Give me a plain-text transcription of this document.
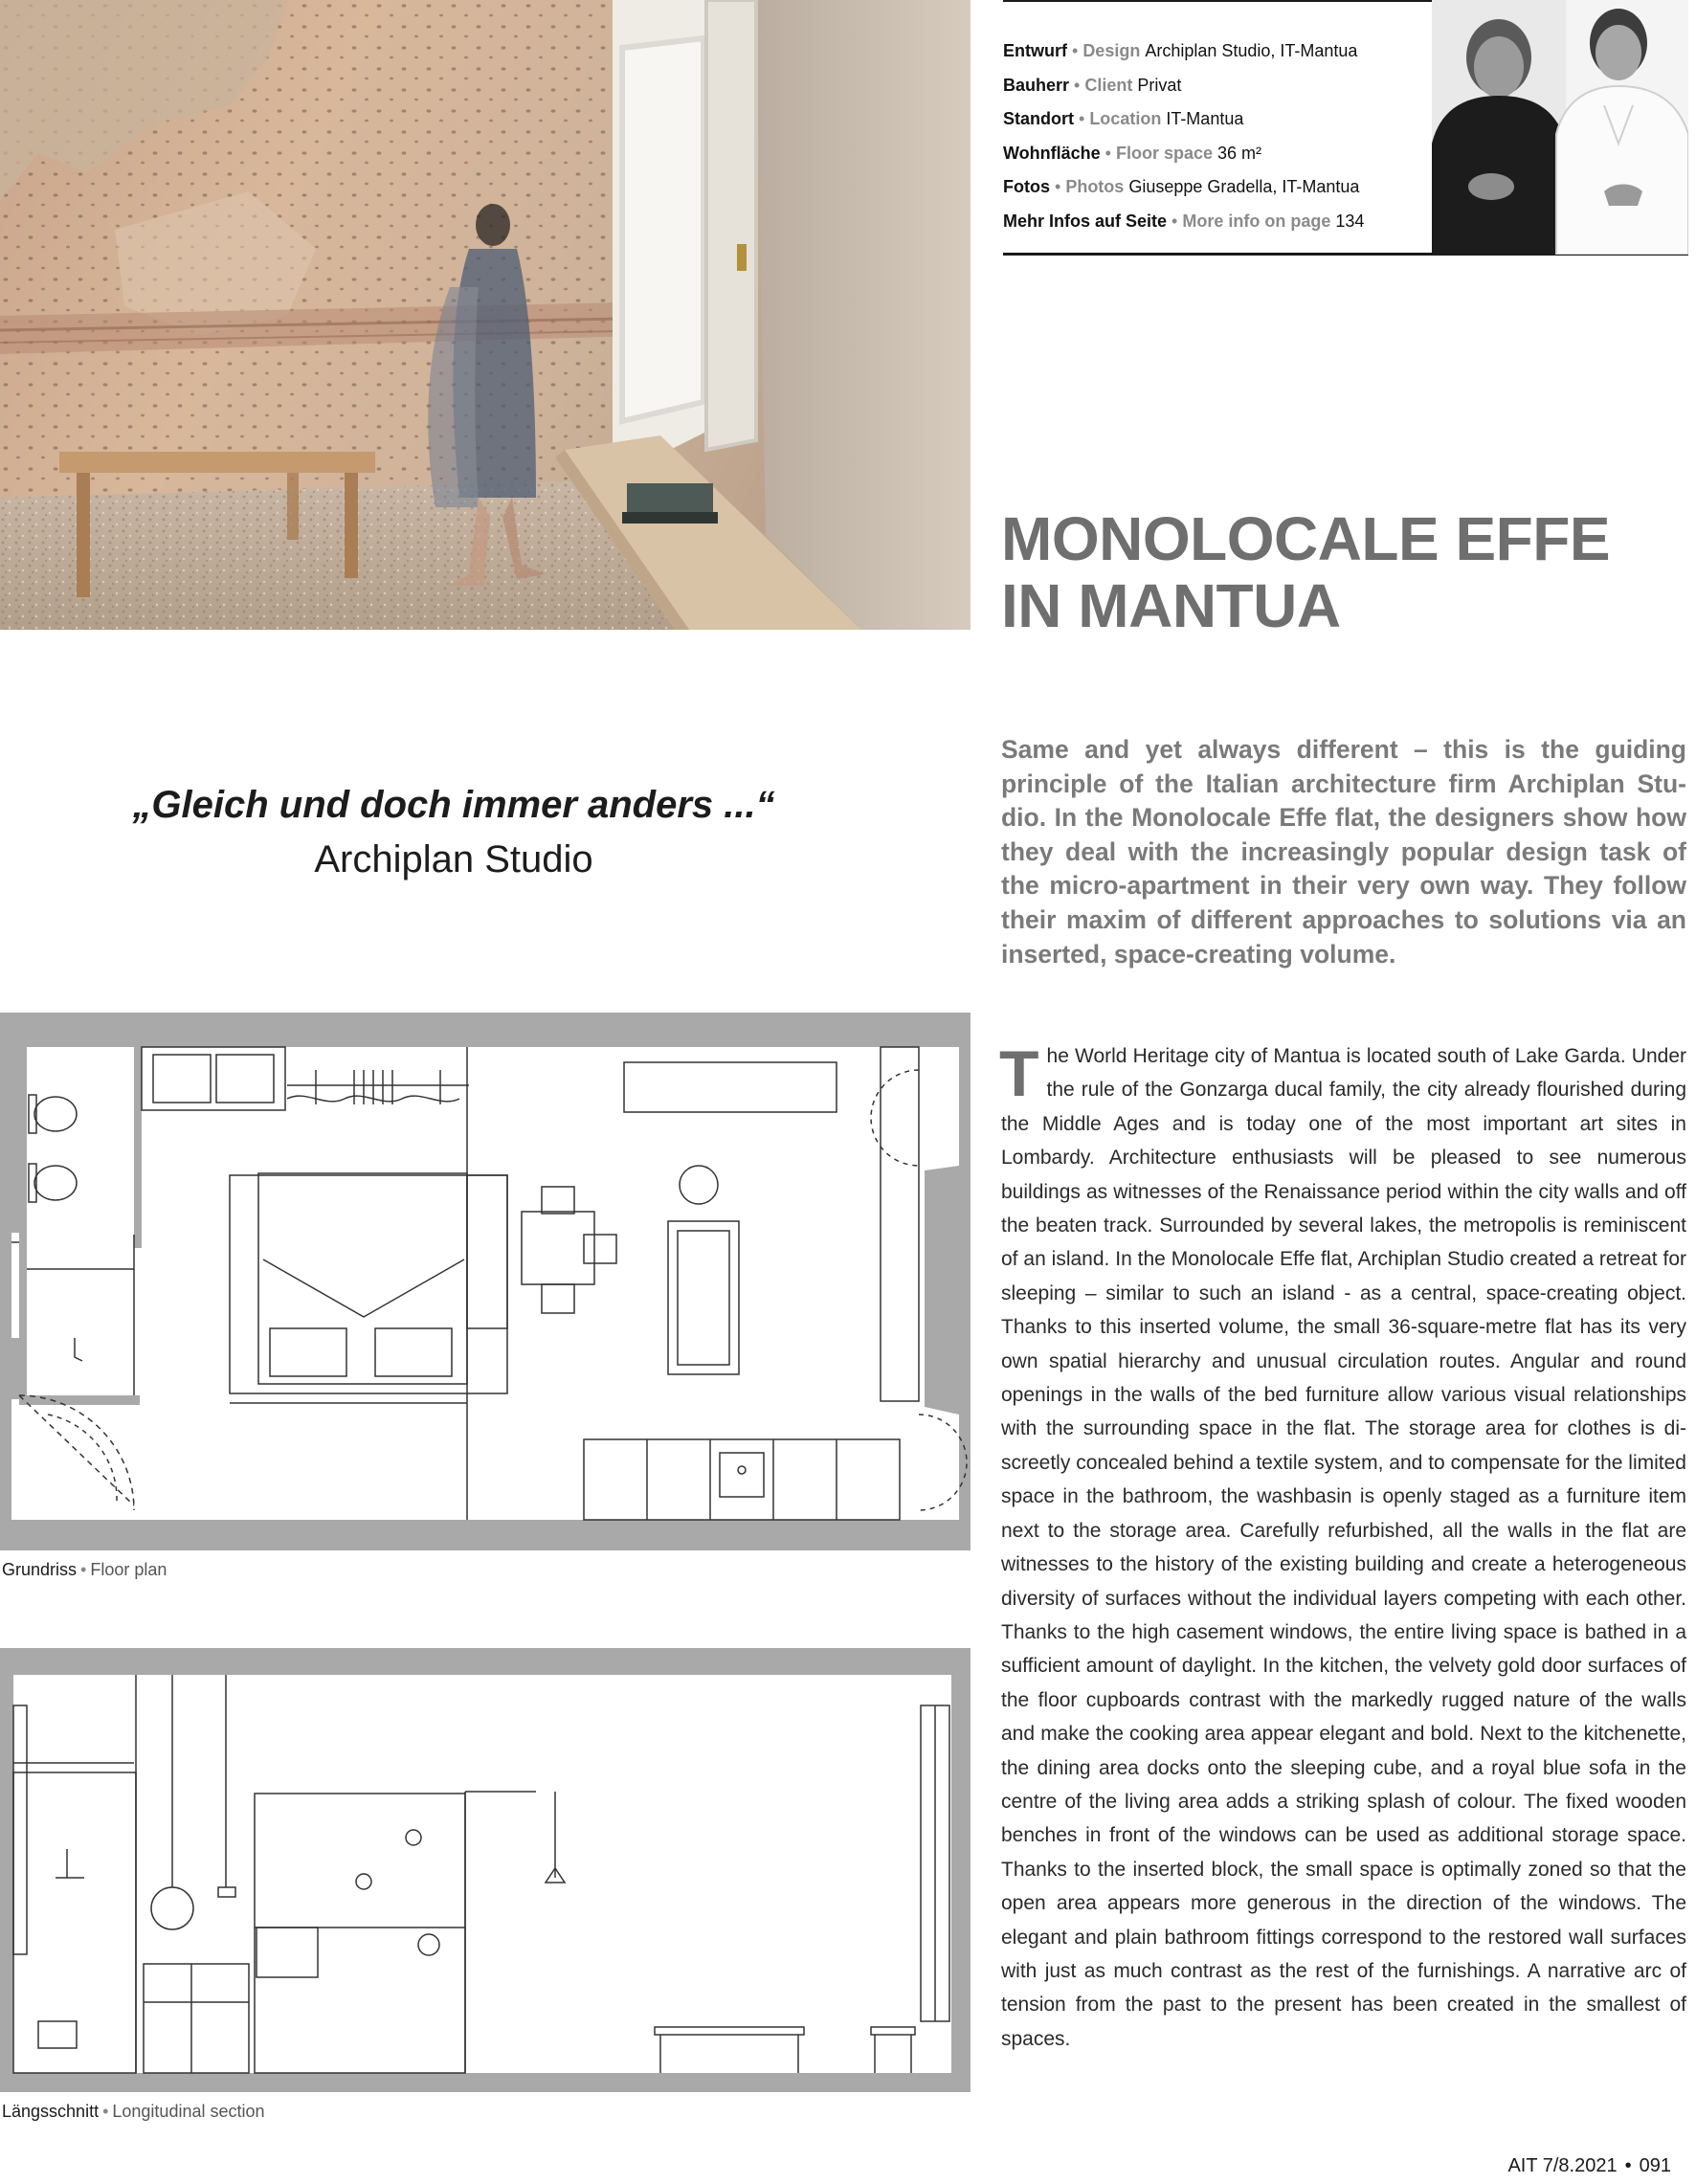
Entwurf • Design Archiplan Studio, IT-Mantua
Bauherr • Client Privat
Standort • Location IT-Mantua
Wohnfläche • Floor space 36 m²
Fotos • Photos Giuseppe Gradella, IT-Mantua
Mehr Infos auf Seite • More info on page 134
MONOLOCALE EFFE
IN MANTUA
„Gleich und doch immer anders ...“
Archiplan Studio
Same and yet always different – this is the guiding principle of the Italian architecture firm Archiplan Studio. In the Monolocale Effe flat, the designers show how they deal with the increasingly popular design task of the micro-apartment in their very own way. They follow their maxim of different approaches to solutions via an inserted, space-creating volume.
Grundriss • Floor plan
Längsschnitt • Longitudinal section
The World Heritage city of Mantua is located south of Lake Garda. Under the rule of the Gonzarga ducal family, the city already flourished during the Middle Ages and is today one of the most important art sites in Lombardy. Architecture enthusiasts will be pleased to see numerous buildings as witnesses of the Renaissance period within the city walls and off the beaten track. Surrounded by several lakes, the metropolis is reminiscent of an island. In the Monolocale Effe flat, Archiplan Studio created a retreat for sleeping – similar to such an island - as a central, space-creating object. Thanks to this inserted volume, the small 36-square-metre flat has its very own spatial hierarchy and unusual circulation routes. Angular and round openings in the walls of the bed furniture allow various visual relationships with the surrounding space in the flat. The storage area for clothes is discreetly concealed behind a textile system, and to compensate for the limited space in the bathroom, the washbasin is openly staged as a furniture item next to the storage area. Carefully refurbished, all the walls in the flat are witnesses to the history of the existing building and create a heterogeneous diversity of surfaces without the individual layers competing with each other. Thanks to the high casement windows, the entire living space is bathed in a sufficient amount of daylight. In the kitchen, the velvety gold door surfaces of the floor cupboards contrast with the markedly rugged nature of the walls and make the cooking area appear elegant and bold. Next to the kitchenette, the dining area docks onto the sleeping cube, and a royal blue sofa in the centre of the living area adds a striking splash of colour. The fixed wooden benches in front of the windows can be used as additional storage space. Thanks to the inserted block, the small space is optimally zoned so that the open area appears more generous in the direction of the windows. The elegant and plain bathroom fittings correspond to the restored wall surfaces with just as much contrast as the rest of the furnishings. A narrative arc of tension from the past to the present has been created in the smallest of spaces.
AIT 7/8.2021 • 091
